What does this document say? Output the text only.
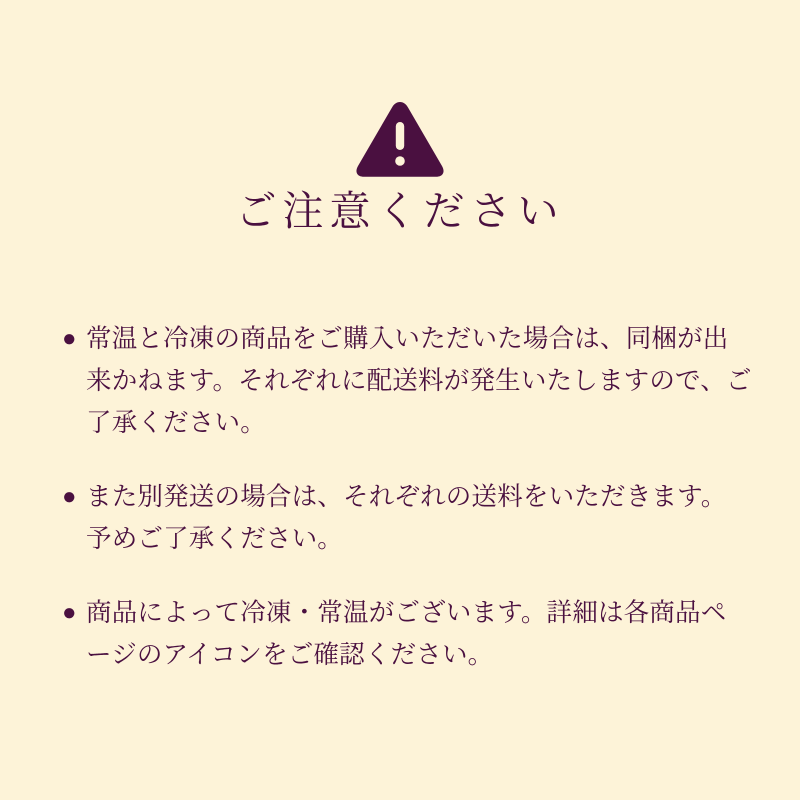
ご注意ください
● 常温と冷凍の商品をご購入いただいた場合は、同梱が出来かねます。それぞれに配送料が発生いたしますので、ご了承ください。
● また別発送の場合は、それぞれの送料をいただきます。予めご了承ください。
● 商品によって冷凍・常温がございます。詳細は各商品ページのアイコンをご確認ください。
